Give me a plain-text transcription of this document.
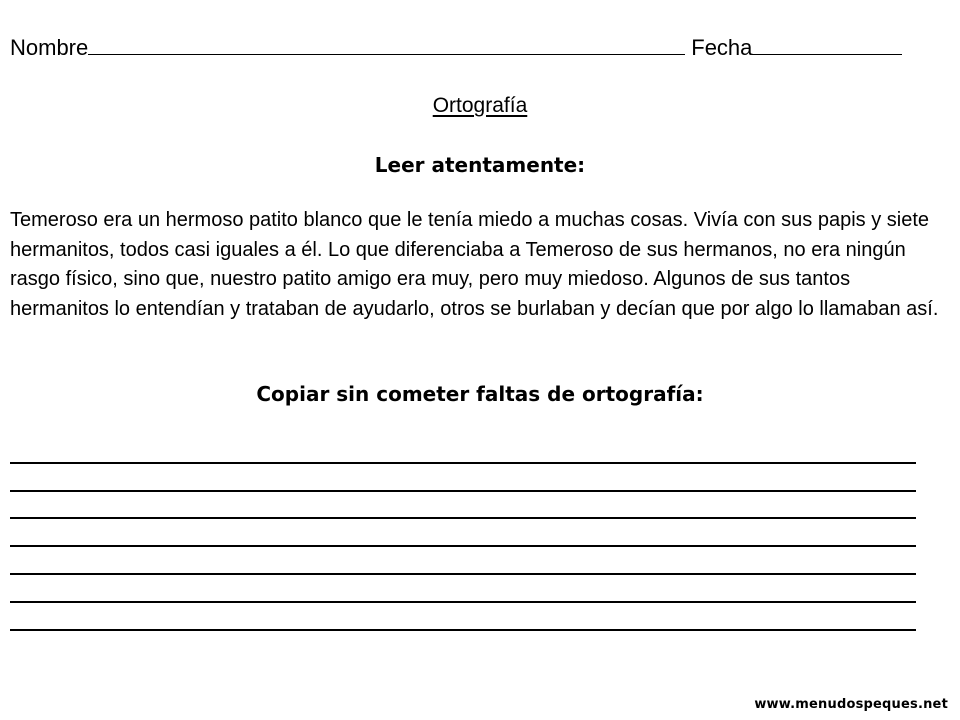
Nombre	Fecha
Ortografía
Leer atentamente:

Temeroso era un hermoso patito blanco que le tenía miedo a muchas cosas. Vivía con sus papis y siete hermanitos, todos casi iguales a él. Lo que diferenciaba a Temeroso de sus hermanos, no era ningún rasgo físico, sino que, nuestro patito amigo era muy, pero muy miedoso. Algunos de sus tantos hermanitos lo entendían y trataban de ayudarlo, otros se burlaban y decían que por algo lo llamaban así.

Copiar sin cometer faltas de ortografía:
www.menudospeques.net
